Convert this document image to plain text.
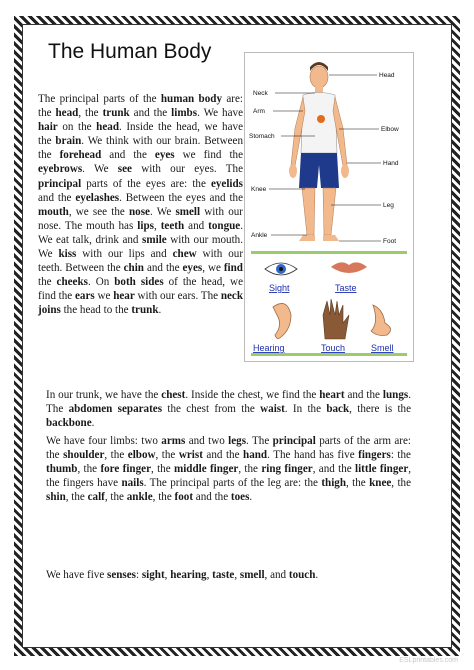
The Human Body

The principal parts of the human body are: the head, the trunk and the limbs. We have hair on the head. Inside the head, we have the brain. We think with our brain. Between the forehead and the eyes we find the eyebrows. We see with our eyes. The principal parts of the eyes are: the eyelids and the eyelashes. Between the eyes and the mouth, we see the nose. We smell with our nose. The mouth has lips, teeth and tongue. We eat talk, drink and smile with our mouth. We kiss with our lips and chew with our teeth. Between the chin and the eyes, we find the cheeks. On both sides of the head, we find the ears we hear with our ears. The neck joins the head to the trunk.

Head
Neck
Arm
Stomach
Elbow
Hand
Knee
Leg
Ankle
Foot
Sight	Taste
Hearing	Touch	Smell

In our trunk, we have the chest. Inside the chest, we find the heart and the lungs. The abdomen separates the chest from the waist. In the back, there is the backbone.

We have four limbs: two arms and two legs. The principal parts of the arm are: the shoulder, the elbow, the wrist and the hand. The hand has five fingers: the thumb, the fore finger, the middle finger, the ring finger, and the little finger, the fingers have nails. The principal parts of the leg are: the thigh, the knee, the shin, the calf, the ankle, the foot and the toes.

We have five senses: sight, hearing, taste, smell, and touch.

ESLprintables.com
